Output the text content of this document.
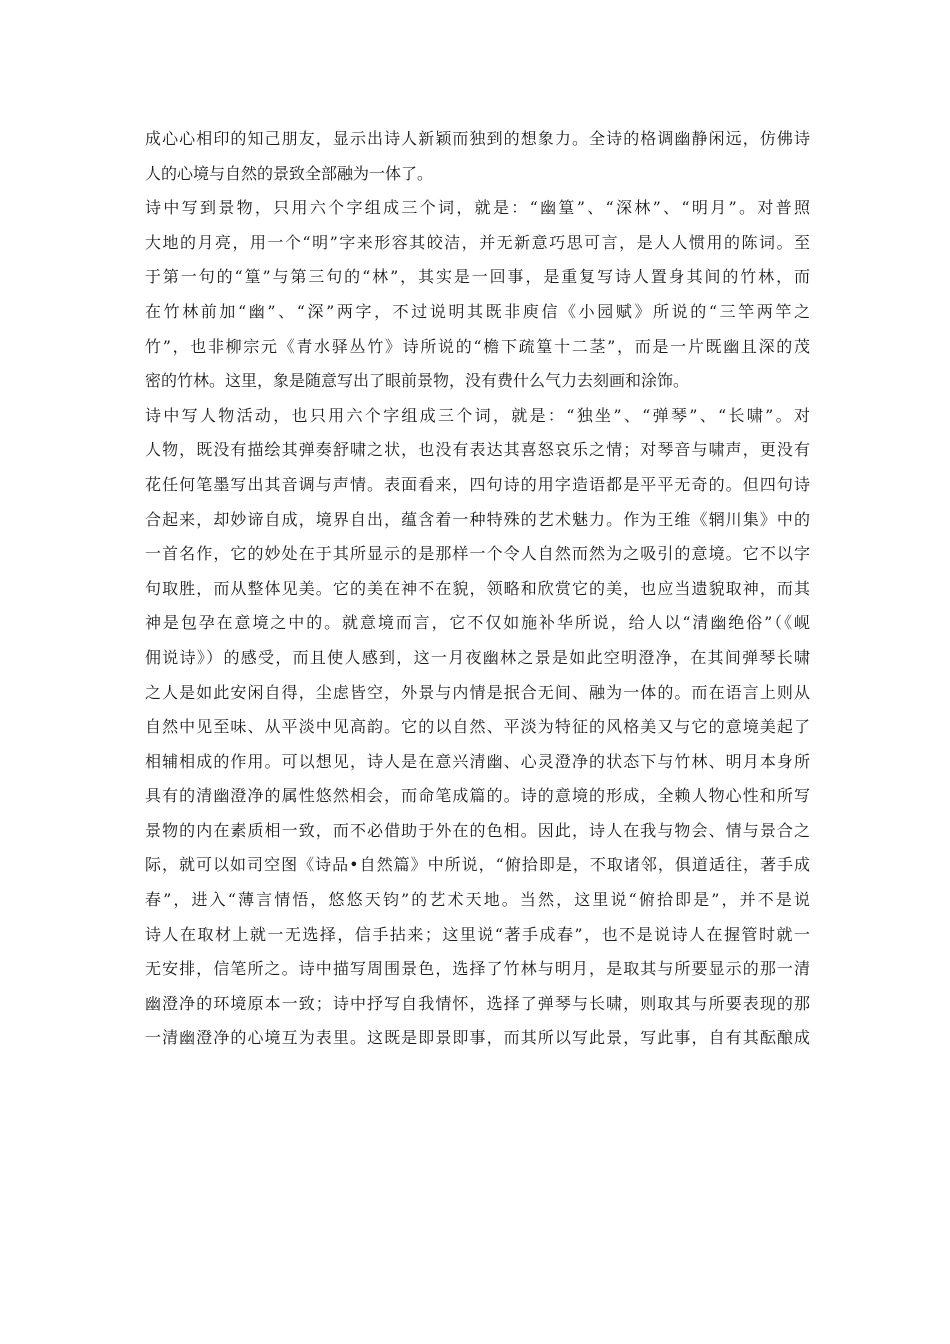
成心心相印的知己朋友，显示出诗人新颖而独到的想象力。全诗的格调幽静闲远，仿佛诗
人的心境与自然的景致全部融为一体了。
诗中写到景物，只用六个字组成三个词，就是：“幽篁”、“深林”、“明月”。对普照
大地的月亮，用一个“明”字来形容其皎洁，并无新意巧思可言，是人人惯用的陈词。至
于第一句的“篁”与第三句的“林”，其实是一回事，是重复写诗人置身其间的竹林，而
在竹林前加“幽”、“深”两字，不过说明其既非庾信《小园赋》所说的“三竿两竿之
竹”，也非柳宗元《青水驿丛竹》诗所说的“檐下疏篁十二茎”，而是一片既幽且深的茂
密的竹林。这里，象是随意写出了眼前景物，没有费什么气力去刻画和涂饰。
诗中写人物活动，也只用六个字组成三个词，就是：“独坐”、“弹琴”、“长啸”。对
人物，既没有描绘其弹奏舒啸之状，也没有表达其喜怒哀乐之情；对琴音与啸声，更没有
花任何笔墨写出其音调与声情。表面看来，四句诗的用字造语都是平平无奇的。但四句诗
合起来，却妙谛自成，境界自出，蕴含着一种特殊的艺术魅力。作为王维《辋川集》中的
一首名作，它的妙处在于其所显示的是那样一个令人自然而然为之吸引的意境。它不以字
句取胜，而从整体见美。它的美在神不在貌，领略和欣赏它的美，也应当遗貌取神，而其
神是包孕在意境之中的。就意境而言，它不仅如施补华所说，给人以“清幽绝俗”（《岘
佣说诗》）的感受，而且使人感到，这一月夜幽林之景是如此空明澄净，在其间弹琴长啸
之人是如此安闲自得，尘虑皆空，外景与内情是抿合无间、融为一体的。而在语言上则从
自然中见至味、从平淡中见高韵。它的以自然、平淡为特征的风格美又与它的意境美起了
相辅相成的作用。可以想见，诗人是在意兴清幽、心灵澄净的状态下与竹林、明月本身所
具有的清幽澄净的属性悠然相会，而命笔成篇的。诗的意境的形成，全赖人物心性和所写
景物的内在素质相一致，而不必借助于外在的色相。因此，诗人在我与物会、情与景合之
际，就可以如司空图《诗品•自然篇》中所说，“俯拾即是，不取诸邻，俱道适往，著手成
春”，进入“薄言情悟，悠悠天钧”的艺术天地。当然，这里说“俯拾即是”，并不是说
诗人在取材上就一无选择，信手拈来；这里说“著手成春”，也不是说诗人在握管时就一
无安排，信笔所之。诗中描写周围景色，选择了竹林与明月，是取其与所要显示的那一清
幽澄净的环境原本一致；诗中抒写自我情怀，选择了弹琴与长啸，则取其与所要表现的那
一清幽澄净的心境互为表里。这既是即景即事，而其所以写此景，写此事，自有其酝酿成
